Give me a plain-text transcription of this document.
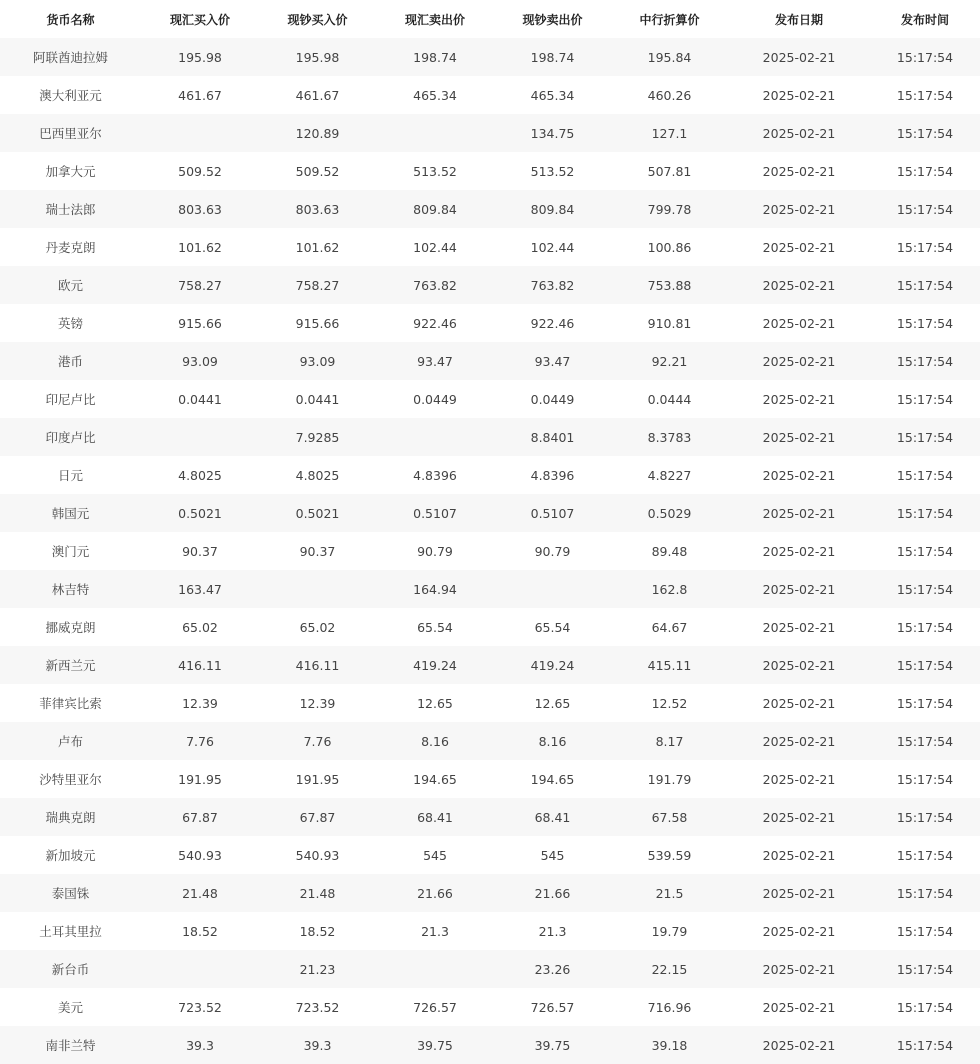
货币名称	现汇买入价	现钞买入价	现汇卖出价	现钞卖出价	中行折算价	发布日期	发布时间
阿联酋迪拉姆	195.98	195.98	198.74	198.74	195.84	2025-02-21	15:17:54
澳大利亚元	461.67	461.67	465.34	465.34	460.26	2025-02-21	15:17:54
巴西里亚尔		120.89		134.75	127.1	2025-02-21	15:17:54
加拿大元	509.52	509.52	513.52	513.52	507.81	2025-02-21	15:17:54
瑞士法郎	803.63	803.63	809.84	809.84	799.78	2025-02-21	15:17:54
丹麦克朗	101.62	101.62	102.44	102.44	100.86	2025-02-21	15:17:54
欧元	758.27	758.27	763.82	763.82	753.88	2025-02-21	15:17:54
英镑	915.66	915.66	922.46	922.46	910.81	2025-02-21	15:17:54
港币	93.09	93.09	93.47	93.47	92.21	2025-02-21	15:17:54
印尼卢比	0.0441	0.0441	0.0449	0.0449	0.0444	2025-02-21	15:17:54
印度卢比		7.9285		8.8401	8.3783	2025-02-21	15:17:54
日元	4.8025	4.8025	4.8396	4.8396	4.8227	2025-02-21	15:17:54
韩国元	0.5021	0.5021	0.5107	0.5107	0.5029	2025-02-21	15:17:54
澳门元	90.37	90.37	90.79	90.79	89.48	2025-02-21	15:17:54
林吉特	163.47		164.94		162.8	2025-02-21	15:17:54
挪威克朗	65.02	65.02	65.54	65.54	64.67	2025-02-21	15:17:54
新西兰元	416.11	416.11	419.24	419.24	415.11	2025-02-21	15:17:54
菲律宾比索	12.39	12.39	12.65	12.65	12.52	2025-02-21	15:17:54
卢布	7.76	7.76	8.16	8.16	8.17	2025-02-21	15:17:54
沙特里亚尔	191.95	191.95	194.65	194.65	191.79	2025-02-21	15:17:54
瑞典克朗	67.87	67.87	68.41	68.41	67.58	2025-02-21	15:17:54
新加坡元	540.93	540.93	545	545	539.59	2025-02-21	15:17:54
泰国铢	21.48	21.48	21.66	21.66	21.5	2025-02-21	15:17:54
土耳其里拉	18.52	18.52	21.3	21.3	19.79	2025-02-21	15:17:54
新台币		21.23		23.26	22.15	2025-02-21	15:17:54
美元	723.52	723.52	726.57	726.57	716.96	2025-02-21	15:17:54
南非兰特	39.3	39.3	39.75	39.75	39.18	2025-02-21	15:17:54
